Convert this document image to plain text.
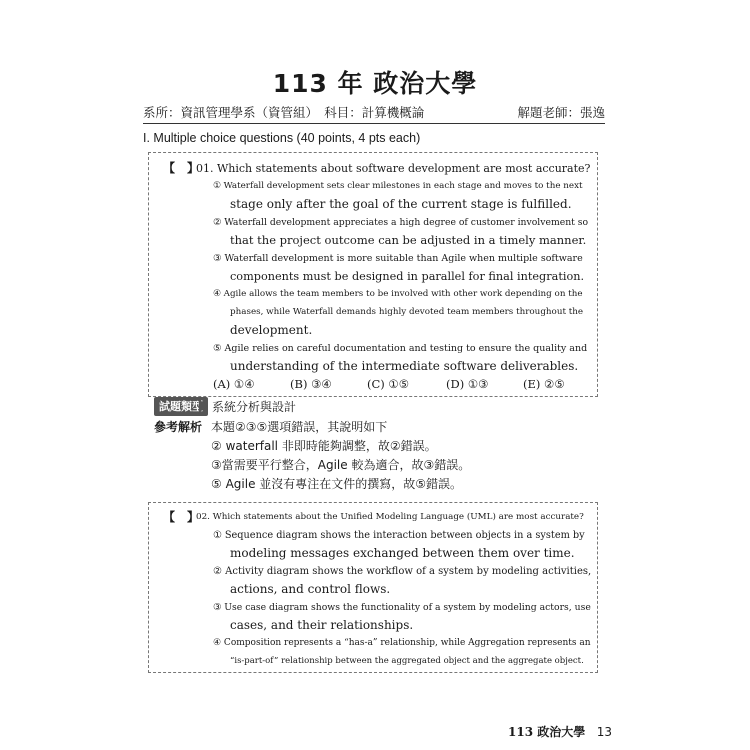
113 年 政治大學
系所：資訊管理學系（資管組）　科目：計算機概論	解題老師：張逸
I. Multiple choice questions (40 points, 4 pts each)
【　】
01. Which statements about software development are most accurate?
① Waterfall development sets clear milestones in each stage and moves to the next
stage only after the goal of the current stage is fulfilled.
② Waterfall development appreciates a high degree of customer involvement so
that the project outcome can be adjusted in a timely manner.
③ Waterfall development is more suitable than Agile when multiple software
components must be designed in parallel for final integration.
④ Agile allows the team members to be involved with other work depending on the
phases, while Waterfall demands highly devoted team members throughout the
development.
⑤ Agile relies on careful documentation and testing to ensure the quality and
understanding of the intermediate software deliverables.
(A) ①④	(B) ③④	(C) ①⑤	(D) ①③	(E) ②⑤
試題類型 系統分析與設計
參考解析 本題②③⑤選項錯誤，其說明如下
② waterfall 非即時能夠調整，故②錯誤。
③當需要平行整合，Agile 較為適合，故③錯誤。
⑤ Agile 並沒有專注在文件的撰寫，故⑤錯誤。
【　】
02. Which statements about the Unified Modeling Language (UML) are most accurate?
① Sequence diagram shows the interaction between objects in a system by
modeling messages exchanged between them over time.
② Activity diagram shows the workflow of a system by modeling activities,
actions, and control flows.
③ Use case diagram shows the functionality of a system by modeling actors, use
cases, and their relationships.
④ Composition represents a “has-a” relationship, while Aggregation represents an
“is-part-of” relationship between the aggregated object and the aggregate object.
113 政治大學 13
